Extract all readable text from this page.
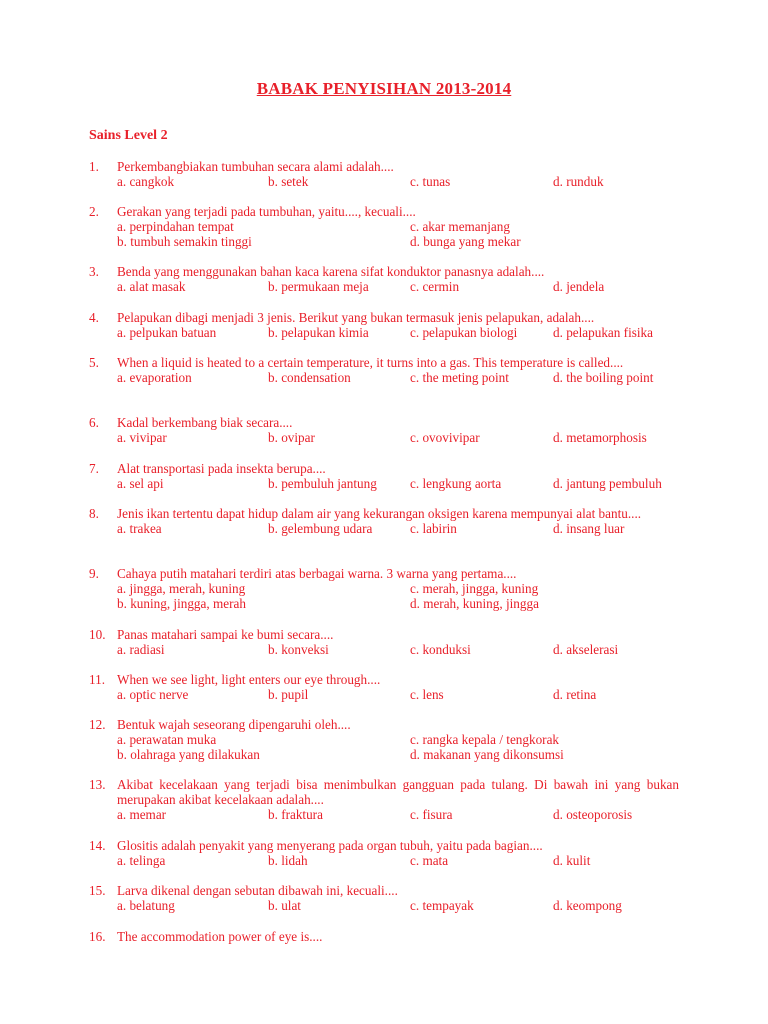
BABAK PENYISIHAN 2013-2014
Sains Level 2
1. Perkembangbiakan tumbuhan secara alami adalah....
a. cangkok	b. setek	c. tunas	d. runduk
2. Gerakan yang terjadi pada tumbuhan, yaitu...., kecuali....
a. perpindahan tempat	c. akar memanjang
b. tumbuh semakin tinggi	d. bunga yang mekar
3. Benda yang menggunakan bahan kaca karena sifat konduktor panasnya adalah....
a. alat masak	b. permukaan meja	c. cermin	d. jendela
4. Pelapukan dibagi menjadi 3 jenis. Berikut yang bukan termasuk jenis pelapukan, adalah....
a. pelpukan batuan	b. pelapukan kimia	c. pelapukan biologi	d. pelapukan fisika
5. When a liquid is heated to a certain temperature, it turns into a gas. This temperature is called....
a. evaporation	b. condensation	c. the meting point	d. the boiling point
6. Kadal berkembang biak secara....
a. vivipar	b. ovipar	c. ovovivipar	d. metamorphosis
7. Alat transportasi pada insekta berupa....
a. sel api	b. pembuluh jantung	c. lengkung aorta	d. jantung pembuluh
8. Jenis ikan tertentu dapat hidup dalam air yang kekurangan oksigen karena mempunyai alat bantu....
a. trakea	b. gelembung udara	c. labirin	d. insang luar
9. Cahaya putih matahari terdiri atas berbagai warna. 3 warna yang pertama....
a. jingga, merah, kuning	c. merah, jingga, kuning
b. kuning, jingga, merah	d. merah, kuning, jingga
10. Panas matahari sampai ke bumi secara....
a. radiasi	b. konveksi	c. konduksi	d. akselerasi
11. When we see light, light enters our eye through....
a. optic nerve	b. pupil	c. lens	d. retina
12. Bentuk wajah seseorang dipengaruhi oleh....
a. perawatan muka	c. rangka kepala / tengkorak
b. olahraga yang dilakukan	d. makanan yang dikonsumsi
13. Akibat kecelakaan yang terjadi bisa menimbulkan gangguan pada tulang. Di bawah ini yang bukan merupakan akibat kecelakaan adalah....
a. memar	b. fraktura	c. fisura	d. osteoporosis
14. Glositis adalah penyakit yang menyerang pada organ tubuh, yaitu pada bagian....
a. telinga	b. lidah	c. mata	d. kulit
15. Larva dikenal dengan sebutan dibawah ini, kecuali....
a. belatung	b. ulat	c. tempayak	d. keompong
16. The accommodation power of eye is....
